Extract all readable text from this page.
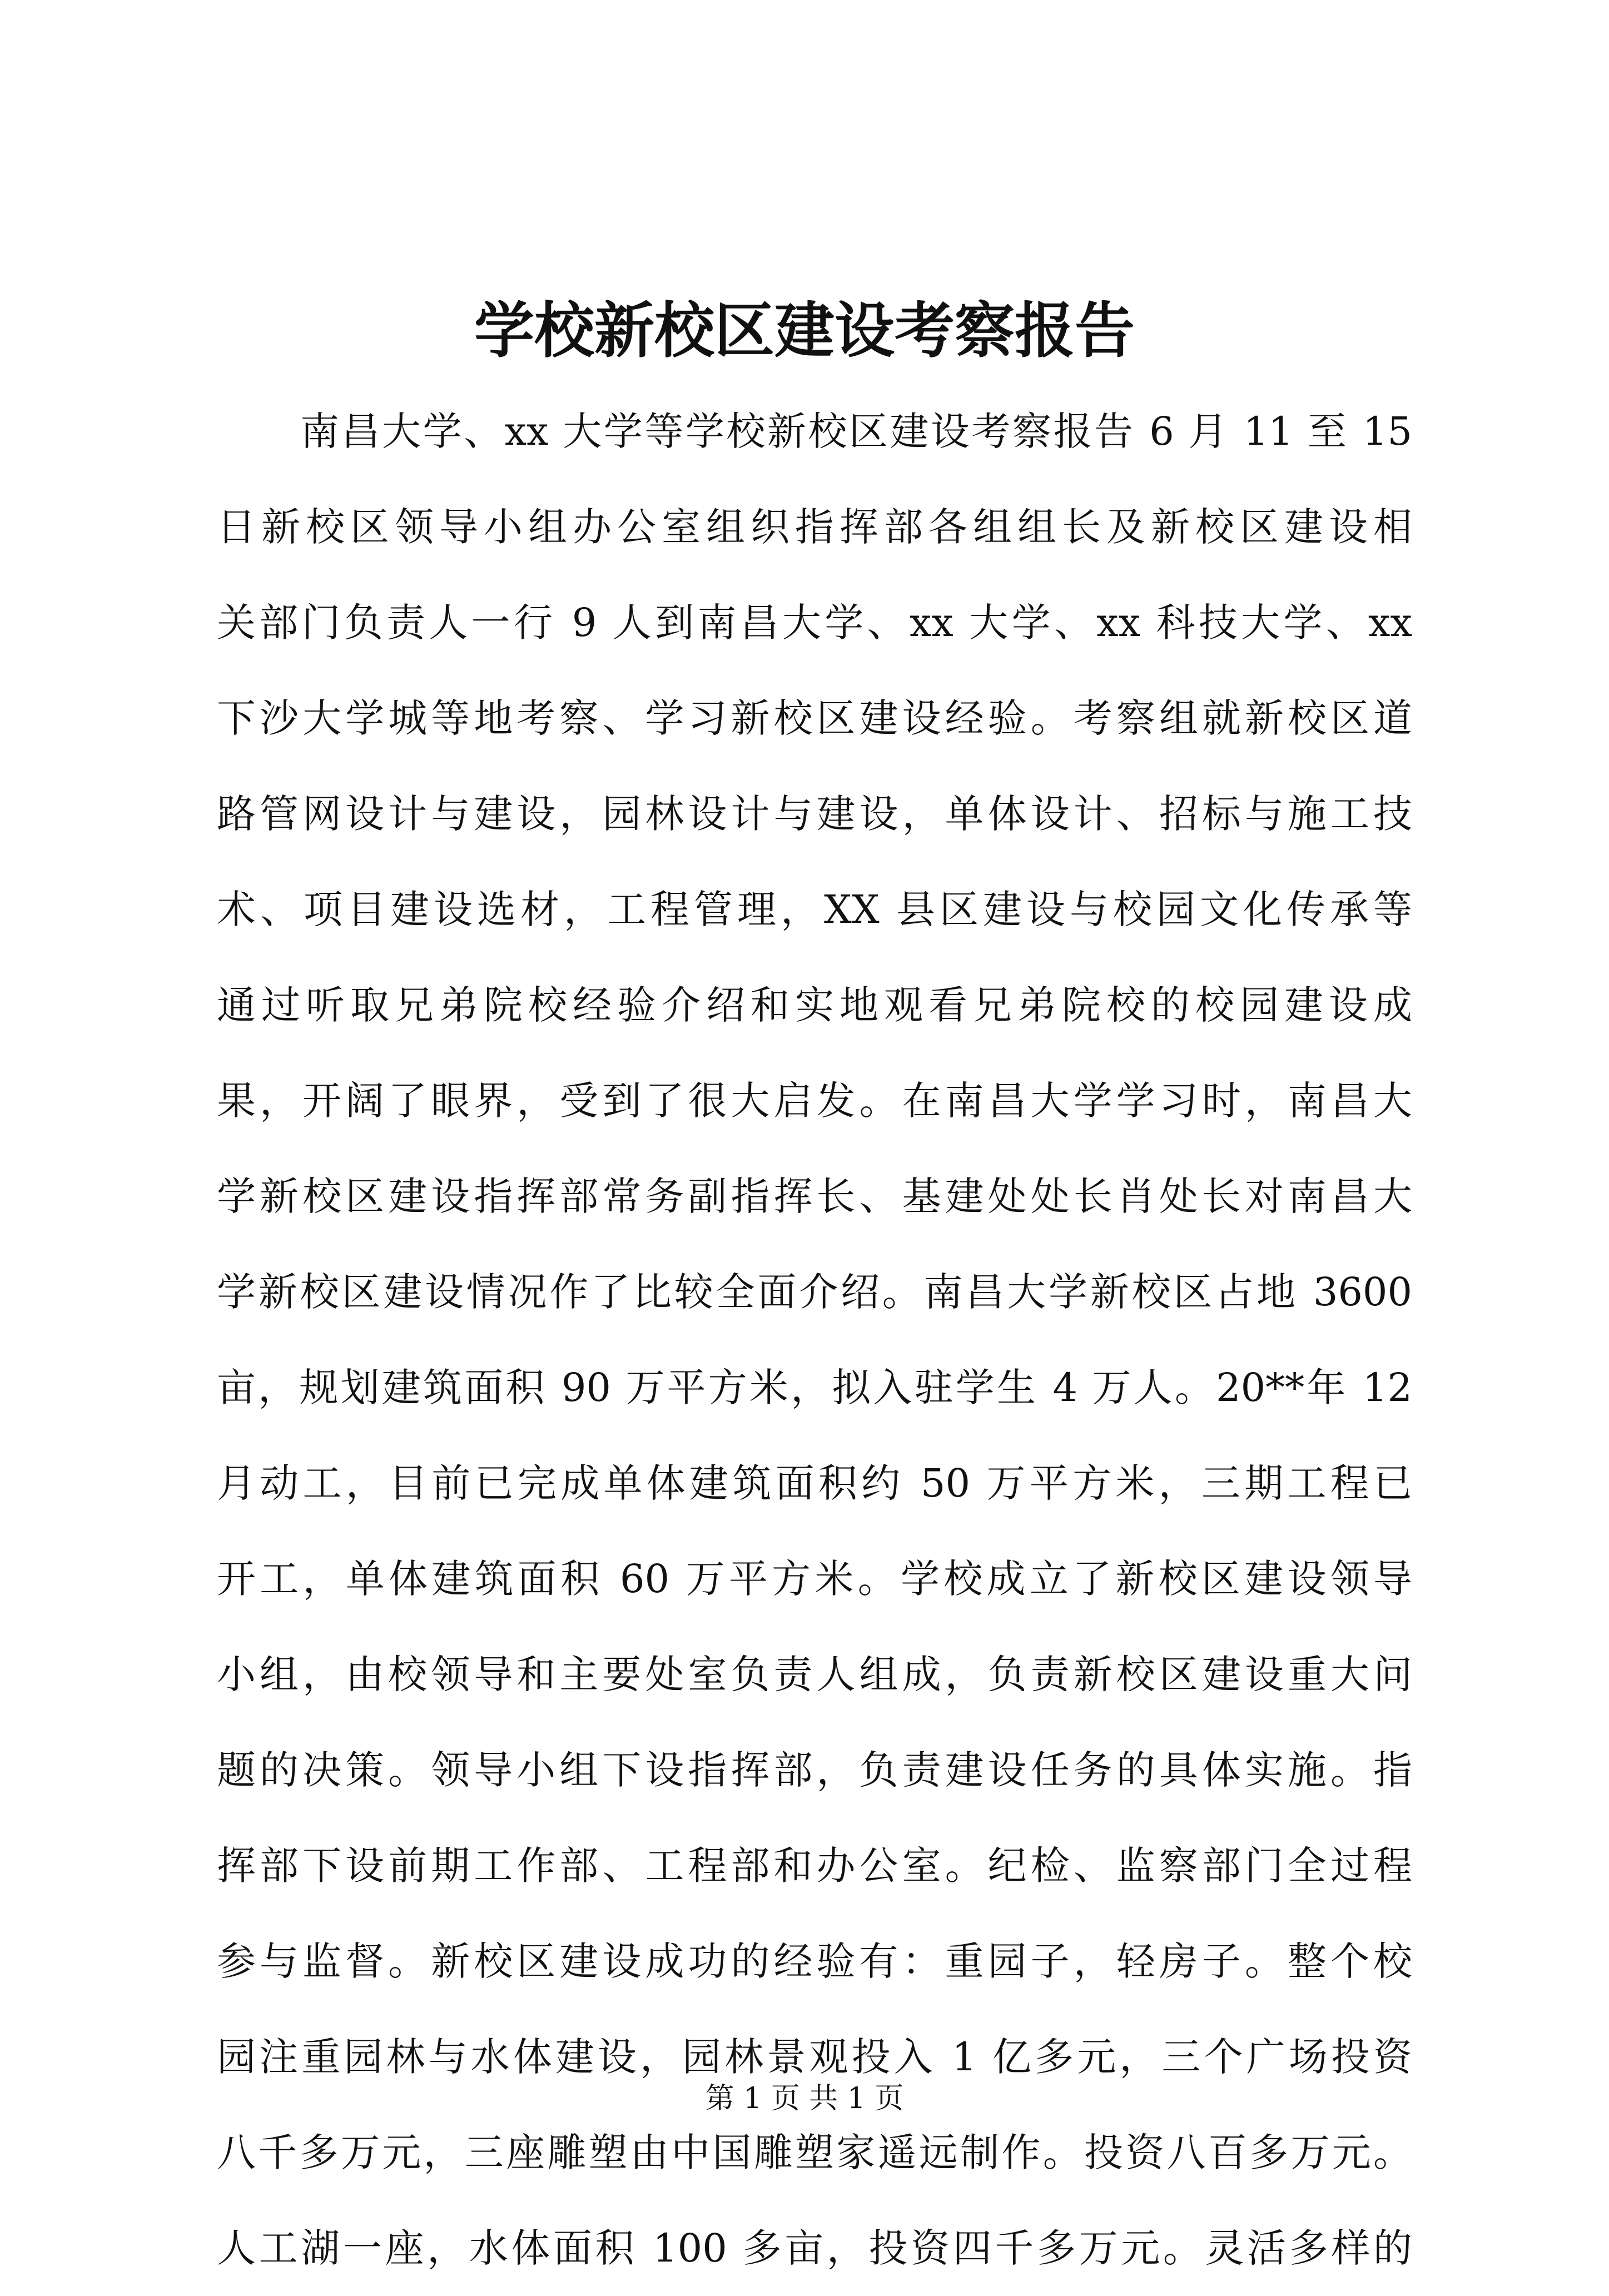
学校新校区建设考察报告
南昌大学、xx 大学等学校新校区建设考察报告 6 月 11 至 15
日新校区领导小组办公室组织指挥部各组组长及新校区建设相
关部门负责人一行 9 人到南昌大学、xx 大学、xx 科技大学、xx
下沙大学城等地考察、学习新校区建设经验。考察组就新校区道
路管网设计与建设，园林设计与建设，单体设计、招标与施工技
术、项目建设选材，工程管理，XX 县区建设与校园文化传承等
通过听取兄弟院校经验介绍和实地观看兄弟院校的校园建设成
果，开阔了眼界，受到了很大启发。在南昌大学学习时，南昌大
学新校区建设指挥部常务副指挥长、基建处处长肖处长对南昌大
学新校区建设情况作了比较全面介绍。南昌大学新校区占地 3600
亩，规划建筑面积 90 万平方米，拟入驻学生 4 万人。20**年 12
月动工，目前已完成单体建筑面积约 50 万平方米，三期工程已
开工，单体建筑面积 60 万平方米。学校成立了新校区建设领导
小组，由校领导和主要处室负责人组成，负责新校区建设重大问
题的决策。领导小组下设指挥部，负责建设任务的具体实施。指
挥部下设前期工作部、工程部和办公室。纪检、监察部门全过程
参与监督。新校区建设成功的经验有：重园子，轻房子。整个校
园注重园林与水体建设，园林景观投入 1 亿多元，三个广场投资
八千多万元，三座雕塑由中国雕塑家遥远制作。投资八百多万元。
人工湖一座，水体面积 100 多亩，投资四千多万元。灵活多样的
第 1 页 共 1 页
